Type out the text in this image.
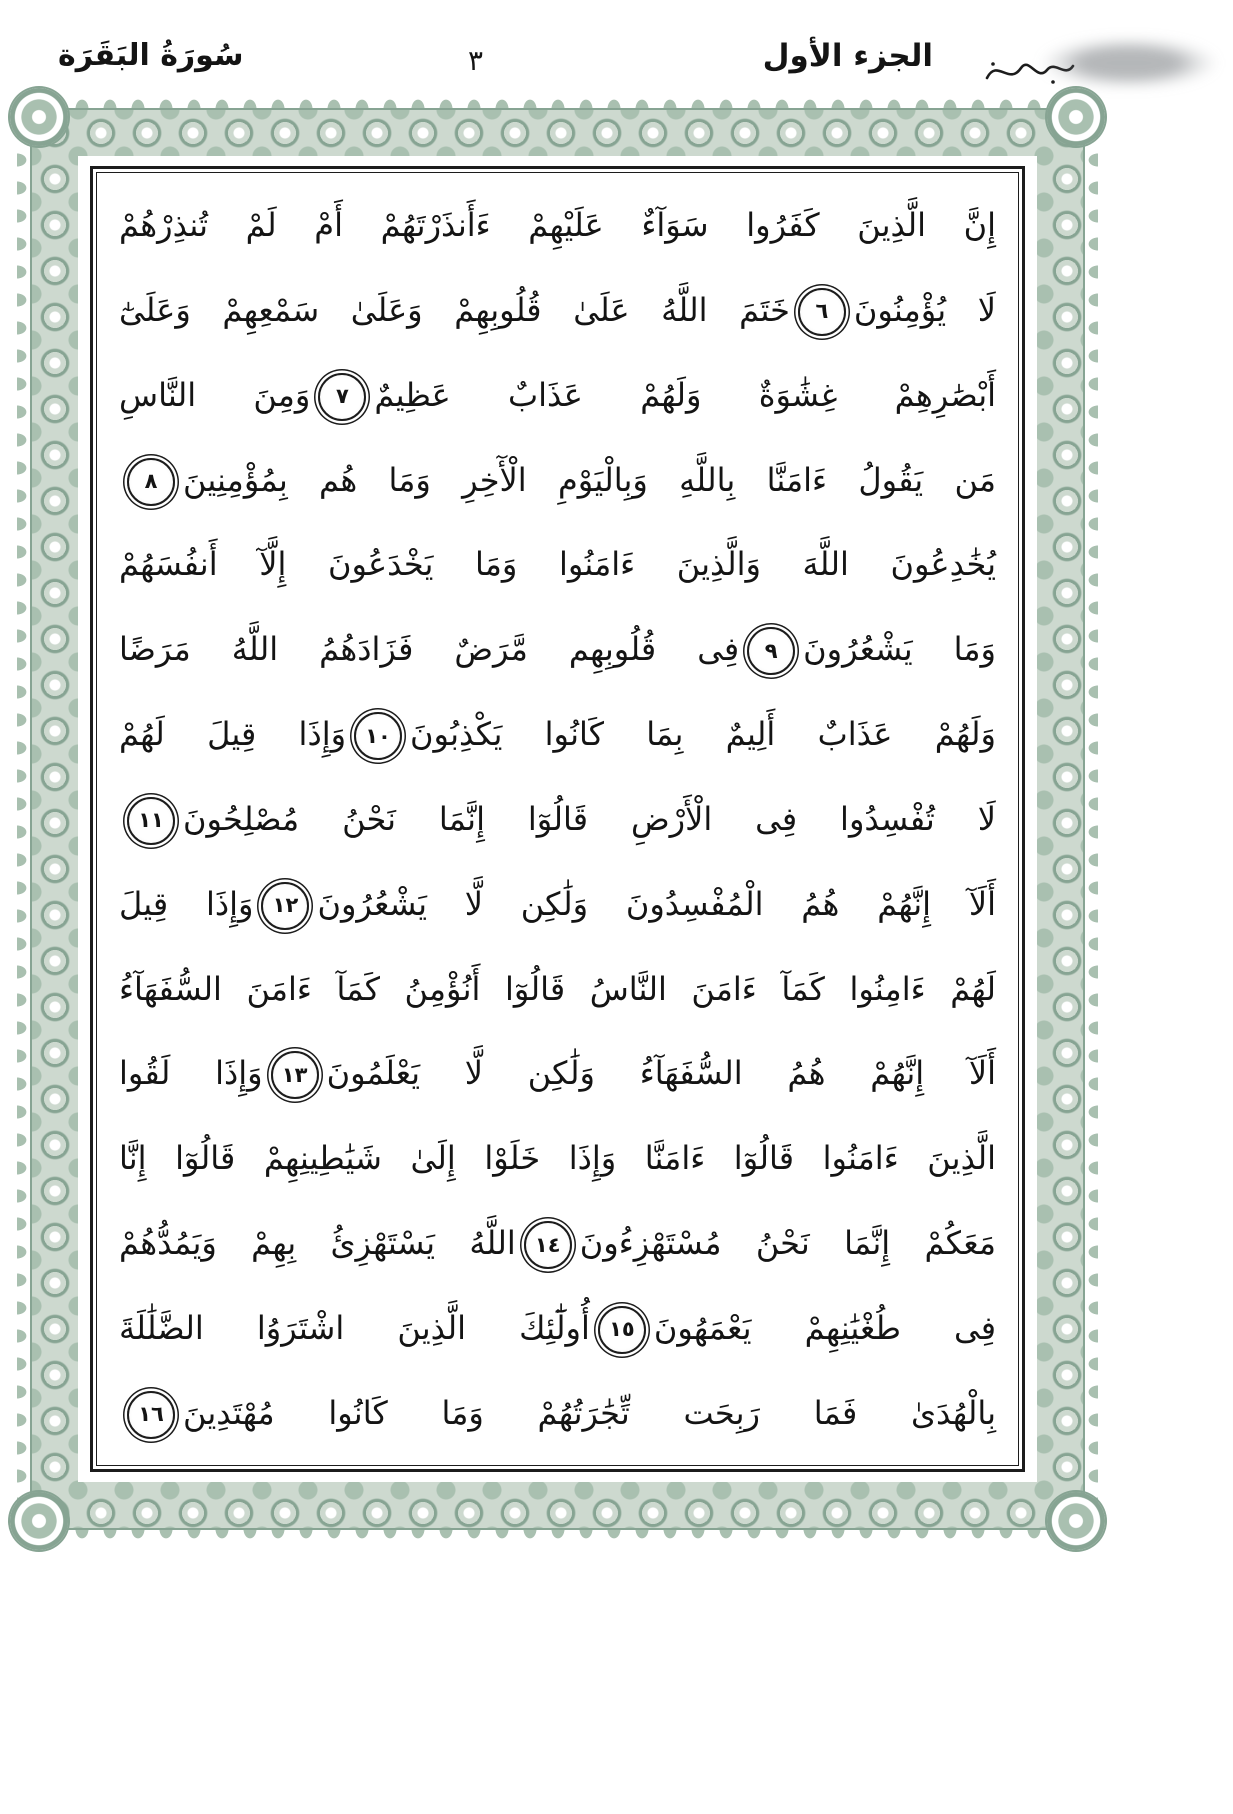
سُورَةُ البَقَرَة	٣	الجزء الأول
إِنَّ الَّذِينَ كَفَرُوا سَوَآءٌ عَلَيْهِمْ ءَأَنذَرْتَهُمْ أَمْ لَمْ تُنذِرْهُمْ
لَا يُؤْمِنُونَ
٦
خَتَمَ اللَّهُ عَلَىٰ قُلُوبِهِمْ وَعَلَىٰ سَمْعِهِمْ وَعَلَىٰٓ
أَبْصَٰرِهِمْ غِشَٰوَةٌ وَلَهُمْ عَذَابٌ عَظِيمٌ
٧
وَمِنَ النَّاسِ
مَن يَقُولُ ءَامَنَّا بِاللَّهِ وَبِالْيَوْمِ الْأٓخِرِ وَمَا هُم بِمُؤْمِنِينَ
٨
يُخَٰدِعُونَ اللَّهَ وَالَّذِينَ ءَامَنُوا وَمَا يَخْدَعُونَ إِلَّآ أَنفُسَهُمْ
وَمَا يَشْعُرُونَ
٩
فِى قُلُوبِهِم مَّرَضٌ فَزَادَهُمُ اللَّهُ مَرَضًا
وَلَهُمْ عَذَابٌ أَلِيمٌ بِمَا كَانُوا يَكْذِبُونَ
١٠
وَإِذَا قِيلَ لَهُمْ
لَا تُفْسِدُوا فِى الْأَرْضِ قَالُوٓا إِنَّمَا نَحْنُ مُصْلِحُونَ
١١
أَلَآ إِنَّهُمْ هُمُ الْمُفْسِدُونَ وَلَٰكِن لَّا يَشْعُرُونَ
١٢
وَإِذَا قِيلَ
لَهُمْ ءَامِنُوا كَمَآ ءَامَنَ النَّاسُ قَالُوٓا أَنُؤْمِنُ كَمَآ ءَامَنَ السُّفَهَآءُ
أَلَآ إِنَّهُمْ هُمُ السُّفَهَآءُ وَلَٰكِن لَّا يَعْلَمُونَ
١٣
وَإِذَا لَقُوا
الَّذِينَ ءَامَنُوا قَالُوٓا ءَامَنَّا وَإِذَا خَلَوْا إِلَىٰ شَيَٰطِينِهِمْ قَالُوٓا إِنَّا
مَعَكُمْ إِنَّمَا نَحْنُ مُسْتَهْزِءُونَ
١٤
اللَّهُ يَسْتَهْزِئُ بِهِمْ وَيَمُدُّهُمْ
فِى طُغْيَٰنِهِمْ يَعْمَهُونَ
١٥
أُولَٰٓئِكَ الَّذِينَ اشْتَرَوُا الضَّلَٰلَةَ
بِالْهُدَىٰ فَمَا رَبِحَت تِّجَٰرَتُهُمْ وَمَا كَانُوا مُهْتَدِينَ
١٦
